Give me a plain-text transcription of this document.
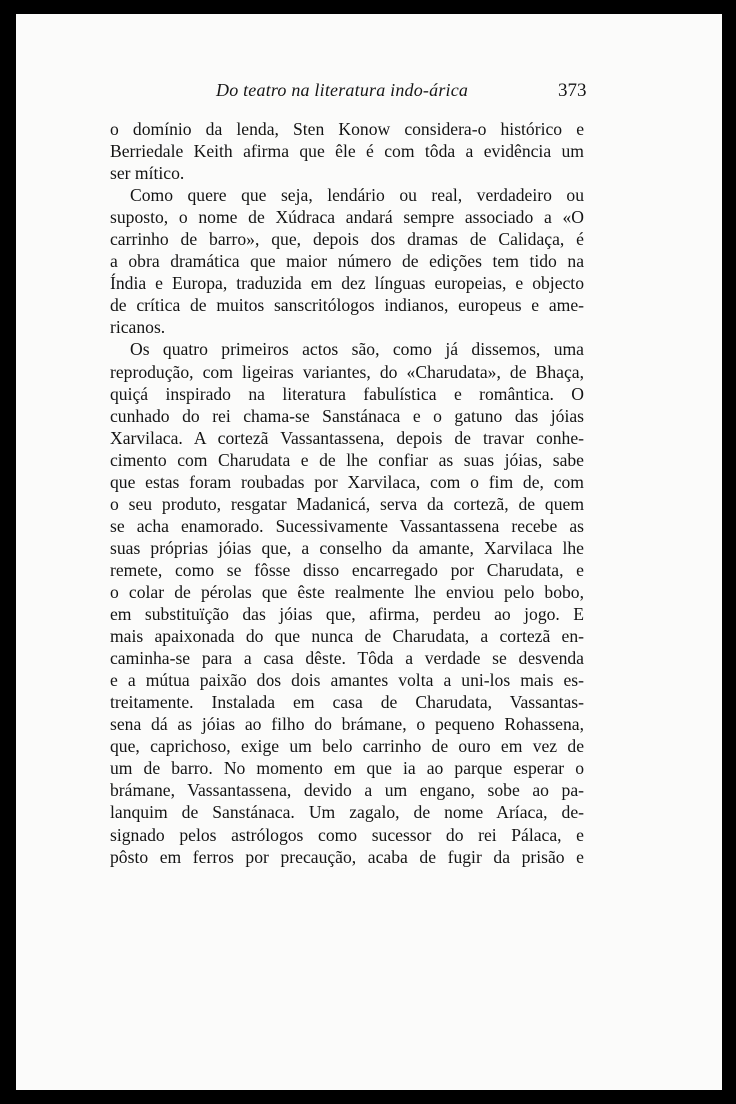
Do teatro na literatura indo-árica	373

o domínio da lenda, Sten Konow considera-o histórico e
Berriedale Keith afirma que êle é com tôda a evidência um
ser mítico.

Como quere que seja, lendário ou real, verdadeiro ou
suposto, o nome de Xúdraca andará sempre associado a «O
carrinho de barro», que, depois dos dramas de Calidaça, é
a obra dramática que maior número de edições tem tido na
Índia e Europa, traduzida em dez línguas europeias, e objecto
de crítica de muitos sanscritólogos indianos, europeus e ame-
ricanos.

Os quatro primeiros actos são, como já dissemos, uma
reprodução, com ligeiras variantes, do «Charudata», de Bhaça,
quiçá inspirado na literatura fabulística e romântica. O
cunhado do rei chama-se Sanstánaca e o gatuno das jóias
Xarvilaca. A cortezã Vassantassena, depois de travar conhe-
cimento com Charudata e de lhe confiar as suas jóias, sabe
que estas foram roubadas por Xarvilaca, com o fim de, com
o seu produto, resgatar Madanicá, serva da cortezã, de quem
se acha enamorado. Sucessivamente Vassantassena recebe as
suas próprias jóias que, a conselho da amante, Xarvilaca lhe
remete, como se fôsse disso encarregado por Charudata, e
o colar de pérolas que êste realmente lhe enviou pelo bobo,
em substituïção das jóias que, afirma, perdeu ao jogo. E
mais apaixonada do que nunca de Charudata, a cortezã en-
caminha-se para a casa dêste. Tôda a verdade se desvenda
e a mútua paixão dos dois amantes volta a uni-los mais es-
treitamente. Instalada em casa de Charudata, Vassantas-
sena dá as jóias ao filho do brámane, o pequeno Rohassena,
que, caprichoso, exige um belo carrinho de ouro em vez de
um de barro. No momento em que ia ao parque esperar o
brámane, Vassantassena, devido a um engano, sobe ao pa-
lanquim de Sanstánaca. Um zagalo, de nome Aríaca, de-
signado pelos astrólogos como sucessor do rei Pálaca, e
pôsto em ferros por precaução, acaba de fugir da prisão e
